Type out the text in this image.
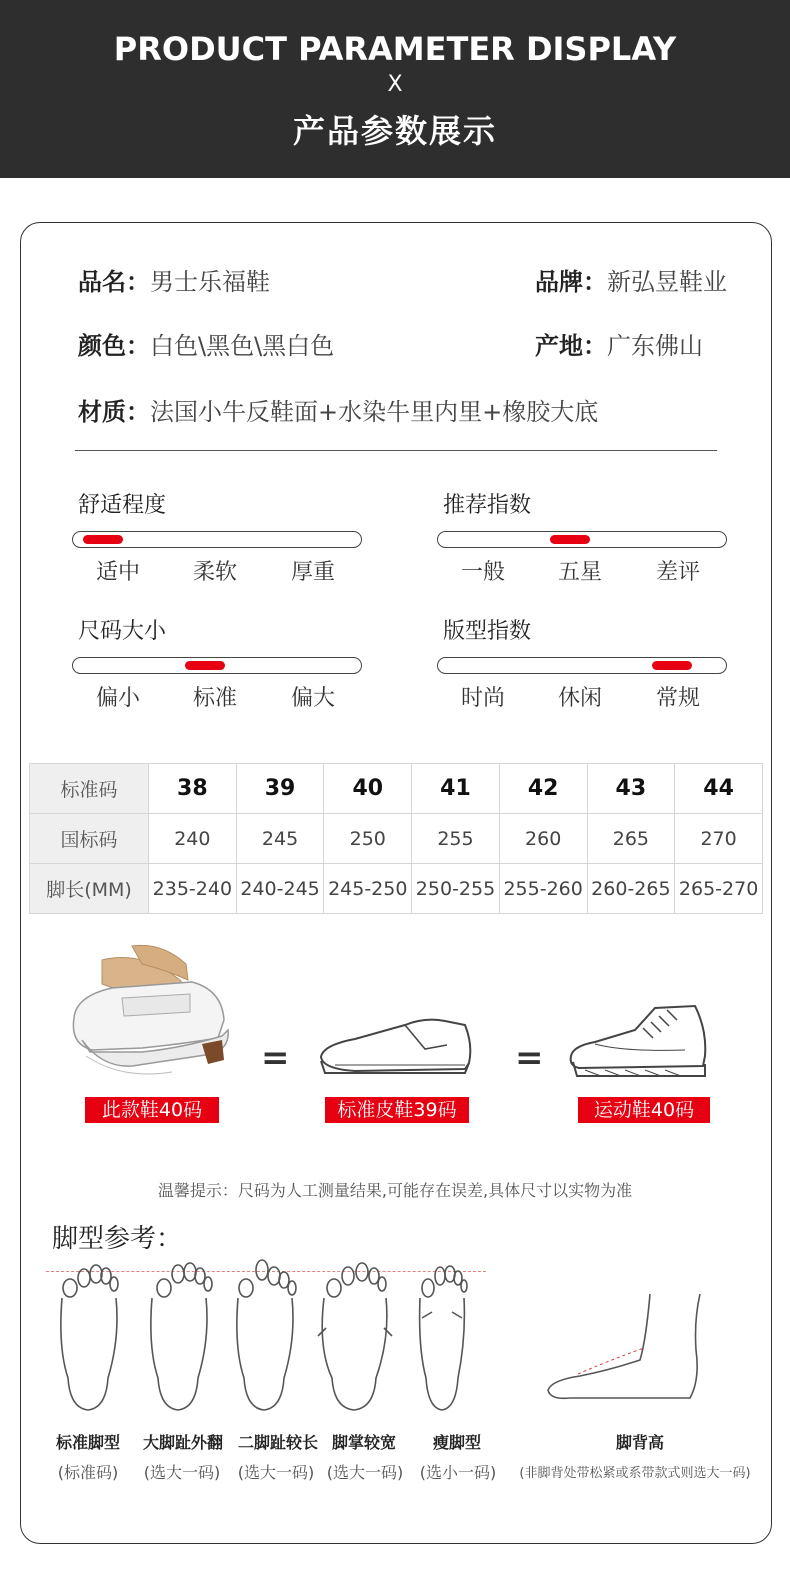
PRODUCT PARAMETER DISPLAY
X
产品参数展示
品名：男士乐福鞋	品牌：新弘昱鞋业
颜色：白色\黑色\黑白色	产地：广东佛山
材质：法国小牛反鞋面+水染牛里内里+橡胶大底
舒适程度
适中	柔软	厚重
推荐指数
一般	五星	差评
尺码大小
偏小	标准	偏大
版型指数
时尚	休闲	常规
标准码	38	39	40	41	42	43	44
国标码	240	245	250	255	260	265	270
脚长(MM)	235-240	240-245	245-250	250-255	255-260	260-265	265-270
=	=
此款鞋40码	标准皮鞋39码	运动鞋40码
温馨提示：尺码为人工测量结果,可能存在误差,具体尺寸以实物为准
脚型参考：
标准脚型	大脚趾外翻 二脚趾较长 脚掌较宽	瘦脚型	脚背高
(标准码)	(选大一码)	(选大一码) (选大一码)	(选小一码)	(非脚背处带松紧或系带款式则选大一码)
